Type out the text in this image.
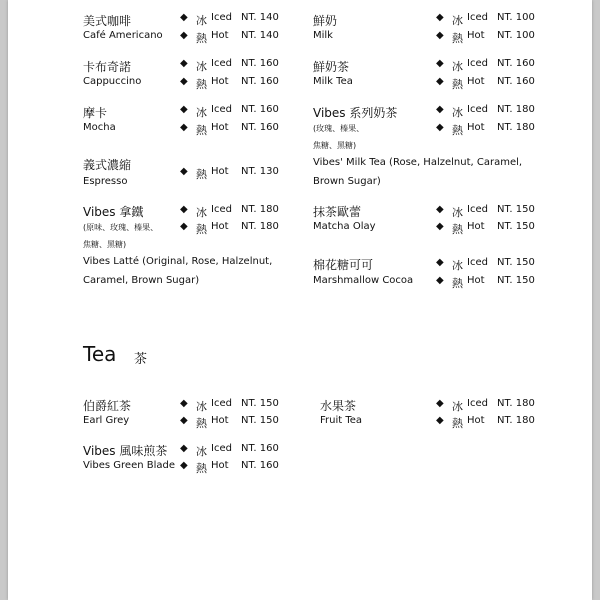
美式咖啡
Café Americano
◆ 冰 Iced NT. 140
◆ 熱 Hot NT. 140
卡布奇諾
Cappuccino
◆ 冰 Iced NT. 160
◆ 熱 Hot NT. 160
摩卡
Mocha
◆ 冰 Iced NT. 160
◆ 熱 Hot NT. 160
義式濃縮
Espresso
◆ 熱 Hot NT. 130
Vibes 拿鐵
(原味、玫瑰、榛果、
焦糖、黑糖)
Vibes Latté (Original, Rose, Halzelnut, Caramel, Brown Sugar)
◆ 冰 Iced NT. 180
◆ 熱 Hot NT. 180
鮮奶
Milk
◆ 冰 Iced NT. 100
◆ 熱 Hot NT. 100
鮮奶茶
Milk Tea
◆ 冰 Iced NT. 160
◆ 熱 Hot NT. 160
Vibes 系列奶茶
(玫瑰、榛果、
焦糖、黑糖)
Vibes' Milk Tea (Rose, Halzelnut, Caramel, Brown Sugar)
◆ 冰 Iced NT. 180
◆ 熱 Hot NT. 180
抹茶歐蕾
Matcha Olay
◆ 冰 Iced NT. 150
◆ 熱 Hot NT. 150
棉花糖可可
Marshmallow Cocoa
◆ 冰 Iced NT. 150
◆ 熱 Hot NT. 150
Tea 茶
伯爵紅茶
Earl Grey
◆ 冰 Iced NT. 150
◆ 熱 Hot NT. 150
水果茶
Fruit Tea
◆ 冰 Iced NT. 180
◆ 熱 Hot NT. 180
Vibes 風味煎茶
Vibes Green Blade
◆ 冰 Iced NT. 160
◆ 熱 Hot NT. 160
